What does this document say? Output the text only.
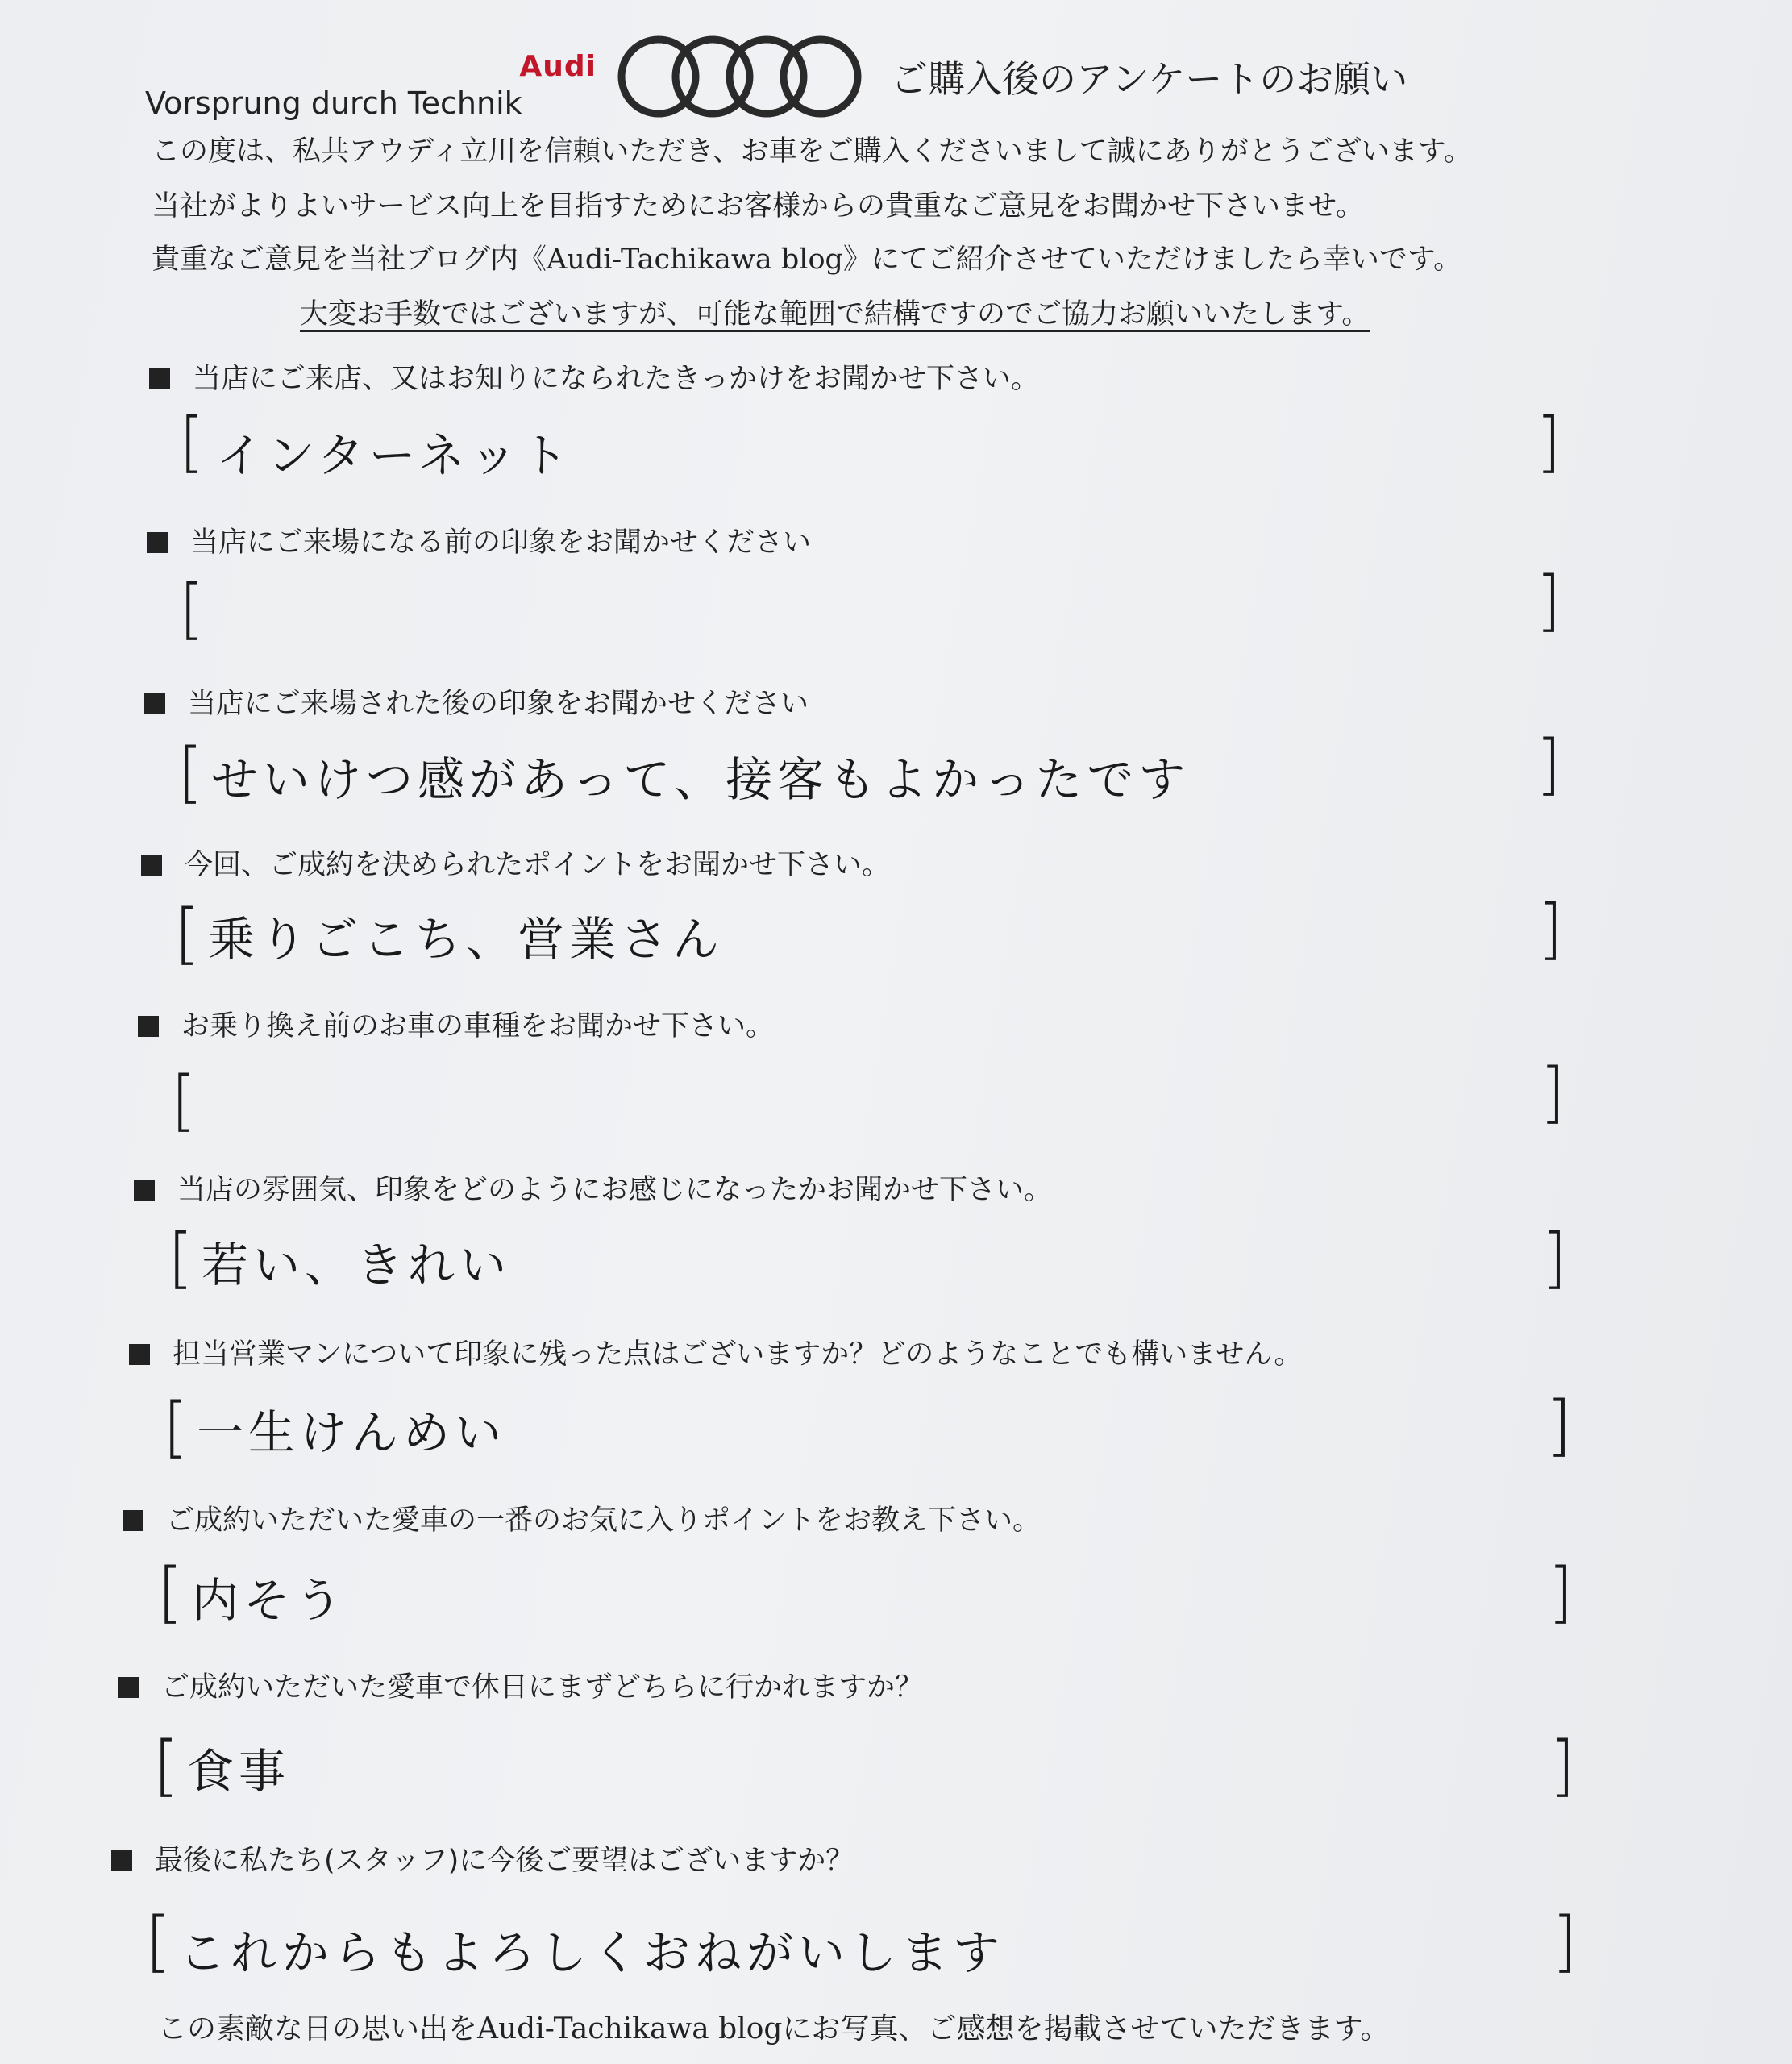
Audi
Vorsprung durch Technik
ご購入後のアンケートのお願い
この度は、私共アウディ立川を信頼いただき、お車をご購入くださいまして誠にありがとうございます。
当社がよりよいサービス向上を目指すためにお客様からの貴重なご意見をお聞かせ下さいませ。
貴重なご意見を当社ブログ内《Audi-Tachikawa blog》にてご紹介させていただけましたら幸いです。
大変お手数ではございますが、可能な範囲で結構ですのでご協力お願いいたします。
当店にご来店、又はお知りになられたきっかけをお聞かせ下さい。
[ インターネット	]
当店にご来場になる前の印象をお聞かせください
[	]
当店にご来場された後の印象をお聞かせください
[ せいけつ感があって、接客もよかったです	]
今回、ご成約を決められたポイントをお聞かせ下さい。
[ 乗りごこち、営業さん	]
お乗り換え前のお車の車種をお聞かせ下さい。
[	]
当店の雰囲気、印象をどのようにお感じになったかお聞かせ下さい。
[ 若い、きれい	]
担当営業マンについて印象に残った点はございますか？どのようなことでも構いません。
[ 一生けんめい	]
ご成約いただいた愛車の一番のお気に入りポイントをお教え下さい。
[ 内そう	]
ご成約いただいた愛車で休日にまずどちらに行かれますか？
[ 食事	]
最後に私たち(スタッフ)に今後ご要望はございますか？
[ これからもよろしくおねがいします	]
この素敵な日の思い出をAudi-Tachikawa blogにお写真、ご感想を掲載させていただきます。
